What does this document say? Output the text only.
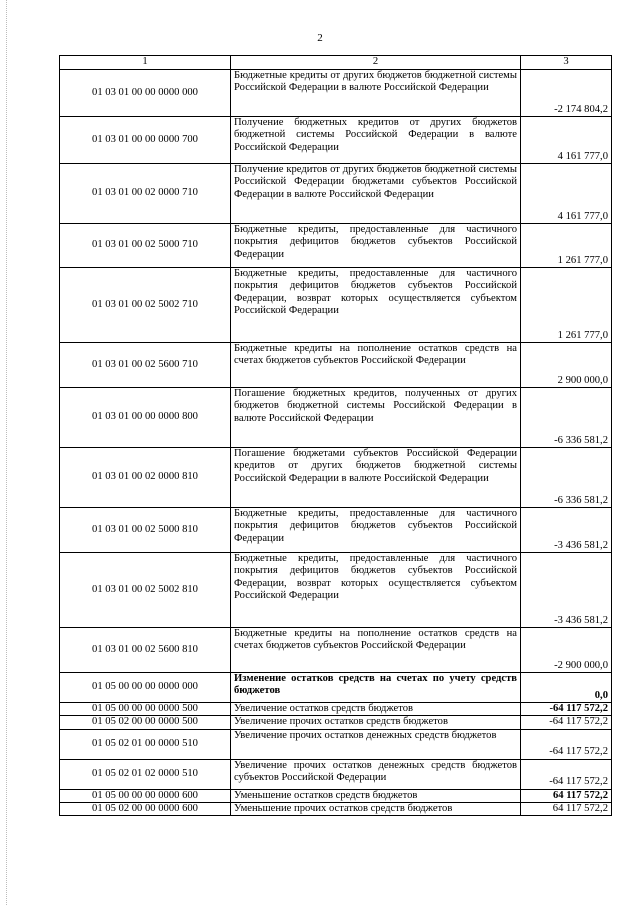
2
1	2	3
01 03 01 00 00 0000 000	Бюджетные кредиты от других бюджетов бюджетной системы Российской Федерации в валюте Российской Федерации	-2 174 804,2
01 03 01 00 00 0000 700	Получение бюджетных кредитов от других бюджетов бюджетной системы Российской Федерации в валюте Российской Федерации	4 161 777,0
01 03 01 00 02 0000 710	Получение кредитов от других бюджетов бюджетной системы Российской Федерации бюджетами субъектов Российской Федерации в валюте Российской Федерации	4 161 777,0
01 03 01 00 02 5000 710	Бюджетные кредиты, предоставленные для частичного покрытия дефицитов бюджетов субъектов Российской Федерации	1 261 777,0
01 03 01 00 02 5002 710	Бюджетные кредиты, предоставленные для частичного покрытия дефицитов бюджетов субъектов Российской Федерации, возврат которых осуществляется субъектом Российской Федерации	1 261 777,0
01 03 01 00 02 5600 710	Бюджетные кредиты на пополнение остатков средств на счетах бюджетов субъектов Российской Федерации	2 900 000,0
01 03 01 00 00 0000 800	Погашение бюджетных кредитов, полученных от других бюджетов бюджетной системы Российской Федерации в валюте Российской Федерации	-6 336 581,2
01 03 01 00 02 0000 810	Погашение бюджетами субъектов Российской Федерации кредитов от других бюджетов бюджетной системы Российской Федерации в валюте Российской Федерации	-6 336 581,2
01 03 01 00 02 5000 810	Бюджетные кредиты, предоставленные для частичного покрытия дефицитов бюджетов субъектов Российской Федерации	-3 436 581,2
01 03 01 00 02 5002 810	Бюджетные кредиты, предоставленные для частичного покрытия дефицитов бюджетов субъектов Российской Федерации, возврат которых осуществляется субъектом Российской Федерации	-3 436 581,2
01 03 01 00 02 5600 810	Бюджетные кредиты на пополнение остатков средств на счетах бюджетов субъектов Российской Федерации	-2 900 000,0
01 05 00 00 00 0000 000	Изменение остатков средств на счетах по учету средств бюджетов	0,0
01 05 00 00 00 0000 500	Увеличение остатков средств бюджетов	-64 117 572,2
01 05 02 00 00 0000 500	Увеличение прочих остатков средств бюджетов	-64 117 572,2
01 05 02 01 00 0000 510	Увеличение прочих остатков денежных средств бюджетов	-64 117 572,2
01 05 02 01 02 0000 510	Увеличение прочих остатков денежных средств бюджетов субъектов Российской Федерации	-64 117 572,2
01 05 00 00 00 0000 600	Уменьшение остатков средств бюджетов	64 117 572,2
01 05 02 00 00 0000 600	Уменьшение прочих остатков средств бюджетов	64 117 572,2
